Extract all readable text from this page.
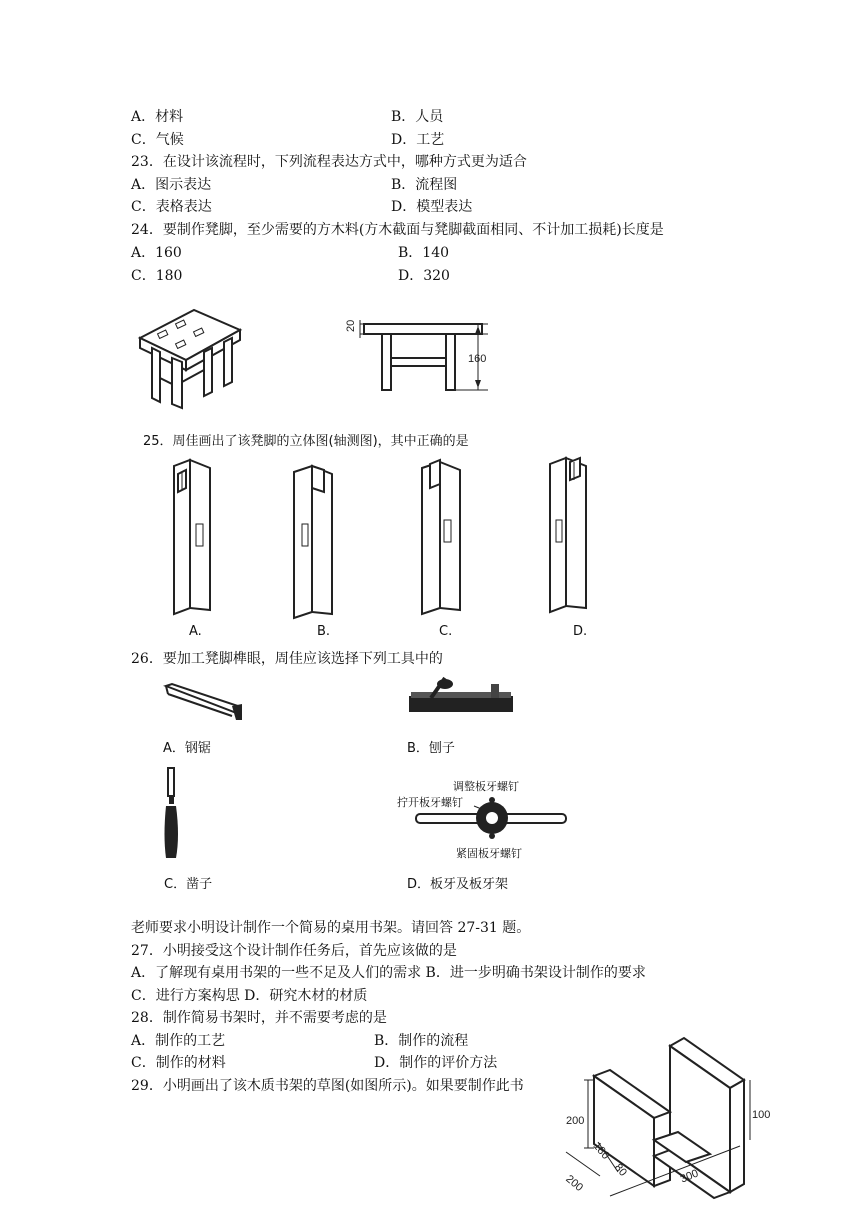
A．材料	B．人员
C．气候	D．工艺
23．在设计该流程时，下列流程表达方式中，哪种方式更为适合
A．图示表达	B．流程图
C．表格表达	D．模型表达
24．要制作凳脚，至少需要的方木料(方木截面与凳脚截面相同、不计加工损耗)长度是
A．160	B．140
C．180	D．320
20
160
25．周佳画出了该凳脚的立体图(轴测图)，其中正确的是
A.	B.	C.	D.
26．要加工凳脚榫眼，周佳应该选择下列工具中的
A．钢锯	B．刨子
C．凿子
调整板牙螺钉
拧开板牙螺钉
紧固板牙螺钉
D．板牙及板牙架
老师要求小明设计制作一个简易的桌用书架。请回答 27-31 题。
27．小明接受这个设计制作任务后，首先应该做的是
A．了解现有桌用书架的一些不足及人们的需求 B．进一步明确书架设计制作的要求
C．进行方案构思 D．研究木材的材质
28．制作简易书架时，并不需要考虑的是
A．制作的工艺	B．制作的流程
C．制作的材料	D．制作的评价方法
29．小明画出了该木质书架的草图(如图所示)。如果要制作此书
200	100
180
80
200	300
